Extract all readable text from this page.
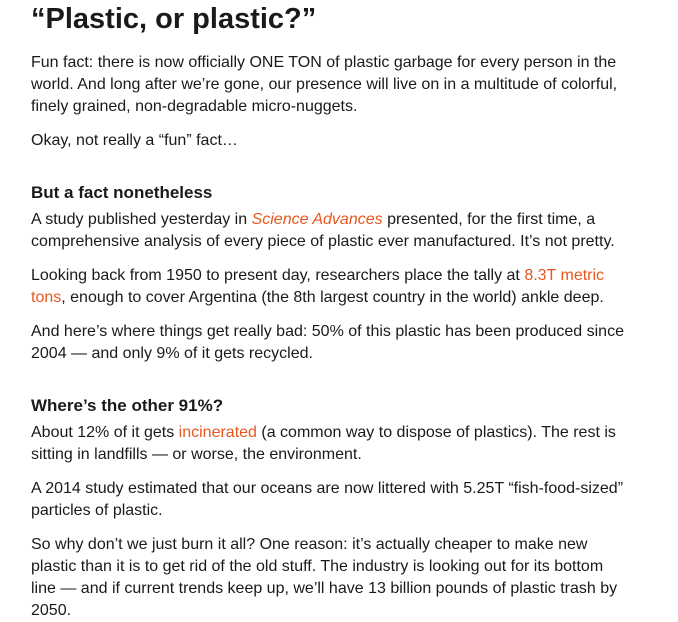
“Plastic, or plastic?”

Fun fact: there is now officially ONE TON of plastic garbage for every person in the
world. And long after we’re gone, our presence will live on in a multitude of colorful,
finely grained, non-degradable micro-nuggets.

Okay, not really a “fun” fact…

But a fact nonetheless

A study published yesterday in Science Advances presented, for the first time, a
comprehensive analysis of every piece of plastic ever manufactured. It’s not pretty.

Looking back from 1950 to present day, researchers place the tally at 8.3T metric
tons, enough to cover Argentina (the 8th largest country in the world) ankle deep.

And here’s where things get really bad: 50% of this plastic has been produced since
2004 — and only 9% of it gets recycled.

Where’s the other 91%?

About 12% of it gets incinerated (a common way to dispose of plastics). The rest is
sitting in landfills — or worse, the environment.

A 2014 study estimated that our oceans are now littered with 5.25T “fish-food-sized”
particles of plastic.

So why don’t we just burn it all? One reason: it’s actually cheaper to make new
plastic than it is to get rid of the old stuff. The industry is looking out for its bottom
line — and if current trends keep up, we’ll have 13 billion pounds of plastic trash by
2050.
